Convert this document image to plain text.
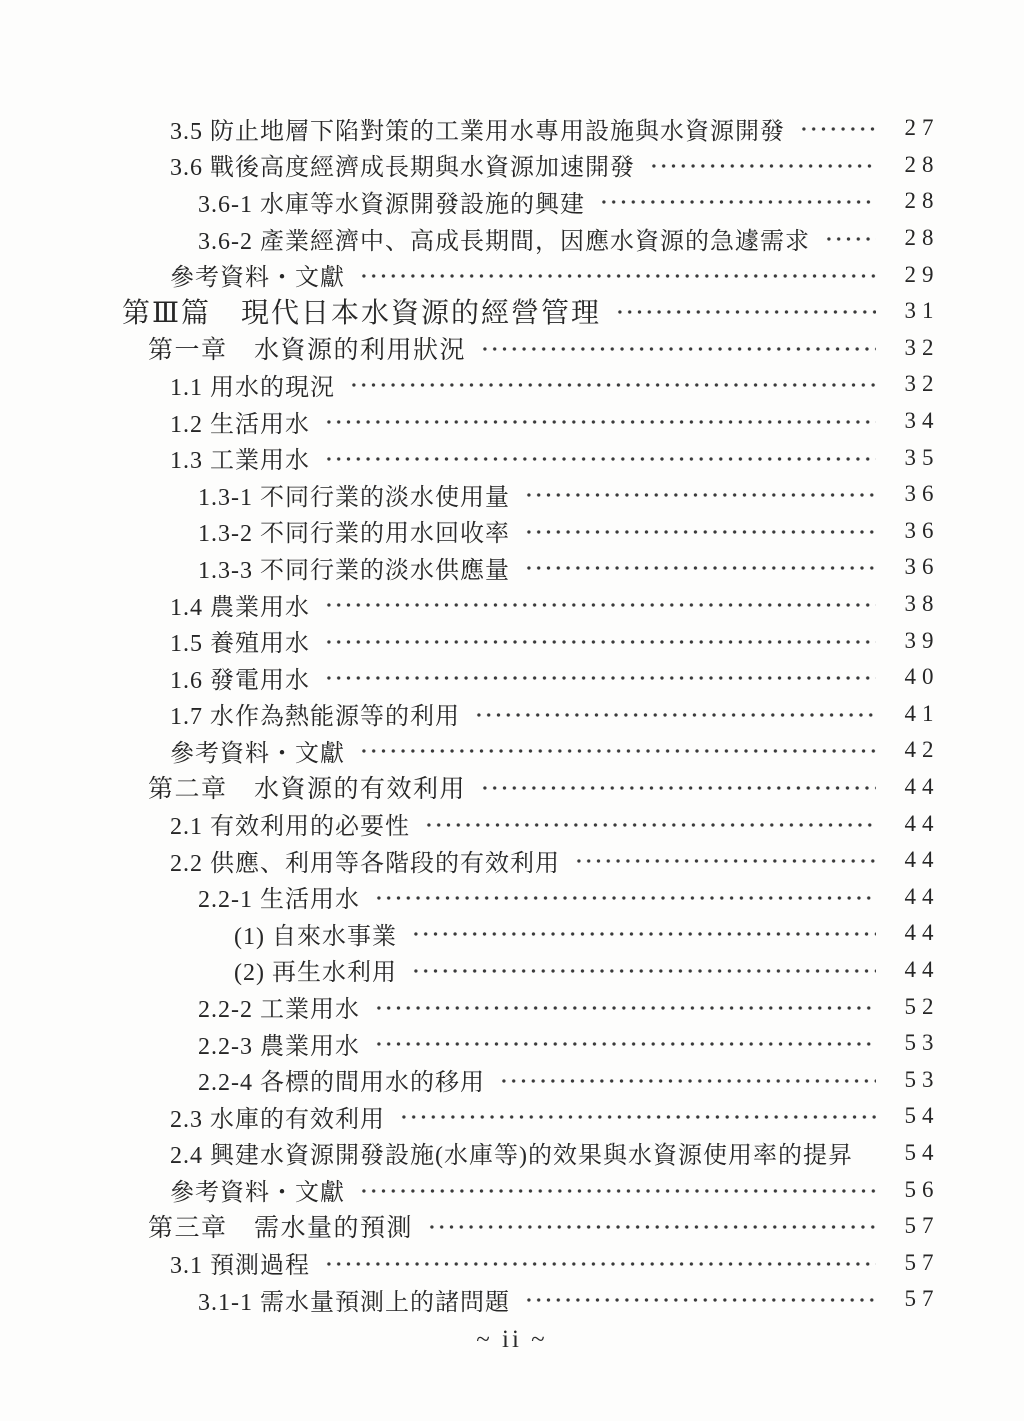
3.5 防止地層下陷對策的工業用水專用設施與水資源開發	27
3.6 戰後高度經濟成長期與水資源加速開發	28
3.6-1 水庫等水資源開發設施的興建	28
3.6-2 產業經濟中、高成長期間，因應水資源的急遽需求	28
參考資料・文獻	29
第Ⅲ篇　現代日本水資源的經營管理	31
第一章　水資源的利用狀況	32
1.1 用水的現況	32
1.2 生活用水	34
1.3 工業用水	35
1.3-1 不同行業的淡水使用量	36
1.3-2 不同行業的用水回收率	36
1.3-3 不同行業的淡水供應量	36
1.4 農業用水	38
1.5 養殖用水	39
1.6 發電用水	40
1.7 水作為熱能源等的利用	41
參考資料・文獻	42
第二章　水資源的有效利用	44
2.1 有效利用的必要性	44
2.2 供應、利用等各階段的有效利用	44
2.2-1 生活用水	44
(1) 自來水事業	44
(2) 再生水利用	44
2.2-2 工業用水	52
2.2-3 農業用水	53
2.2-4 各標的間用水的移用	53
2.3 水庫的有效利用	54
2.4 興建水資源開發設施(水庫等)的效果與水資源使用率的提昇	54
參考資料・文獻	56
第三章　需水量的預測	57
3.1 預測過程	57
3.1-1 需水量預測上的諸問題	57
~ ii ~
